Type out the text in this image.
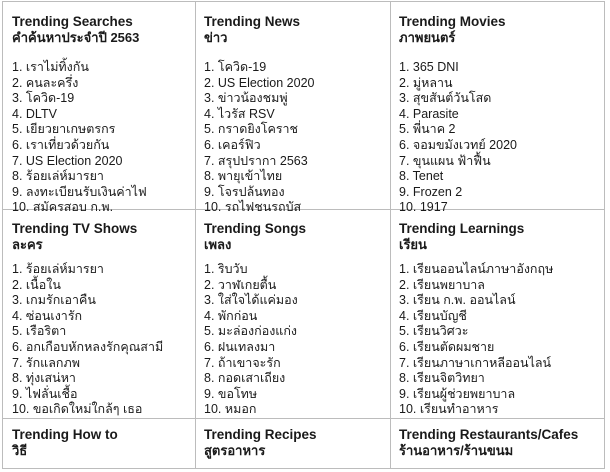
Trending Searches
คำค้นหาประจำปี 2563
1. เราไม่ทิ้งกัน
2. คนละครึ่ง
3. โควิด-19
4. DLTV
5. เยียวยาเกษตรกร
6. เราเที่ยวด้วยกัน
7. US Election 2020
8. ร้อยเล่ห์มารยา
9. ลงทะเบียนรับเงินค่าไฟ
10. สมัครสอบ ก.พ.
Trending News
ข่าว
1. โควิด-19
2. US Election 2020
3. ข่าวน้องชมพู่
4. ไวรัส RSV
5. กราดยิงโคราช
6. เคอร์ฟิว
7. สรุปปรากา 2563
8. พายุเข้าไทย
9. โจรปล้นทอง
10. รถไฟชนรถบัส
Trending Movies
ภาพยนตร์
1. 365 DNI
2. มู่หลาน
3. สุขสันต์วันโสด
4. Parasite
5. พี่นาค 2
6. จอมขมังเวทย์ 2020
7. ขุนแผน ฟ้าฟื้น
8. Tenet
9. Frozen 2
10. 1917
Trending TV Shows
ละคร
1. ร้อยเล่ห์มารยา
2. เนื้อใน
3. เกมรักเอาคืน
4. ซ่อนเงารัก
5. เรือริตา
6. อกเกือบหักหลงรักคุณสามี
7. รักแลกภพ
8. ทุ่งเสน่หา
9. ไฟลั่นเชื้อ
10. ขอเกิดใหม่ใกล้ๆ เธอ
Trending Songs
เพลง
1. ริบวับ
2. วาฬเกยตื้น
3. ใส่ใจได้แค่มอง
4. พักก่อน
5. มะล่องก่องแก่ง
6. ฝนเทลงมา
7. ถ้าเขาจะรัก
8. กอดเสาเถียง
9. ขอโทษ
10. หมอก
Trending Learnings
เรียน
1. เรียนออนไลน์ภาษาอังกฤษ
2. เรียนพยาบาล
3. เรียน ก.พ. ออนไลน์
4. เรียนบัญชี
5. เรียนวิศวะ
6. เรียนตัดผมชาย
7. เรียนภาษาเกาหลีออนไลน์
8. เรียนจิตวิทยา
9. เรียนผู้ช่วยพยาบาล
10. เรียนทำอาหาร
Trending How to
วิธี
Trending Recipes
สูตรอาหาร
Trending Restaurants/Cafes
ร้านอาหาร/ร้านขนม
